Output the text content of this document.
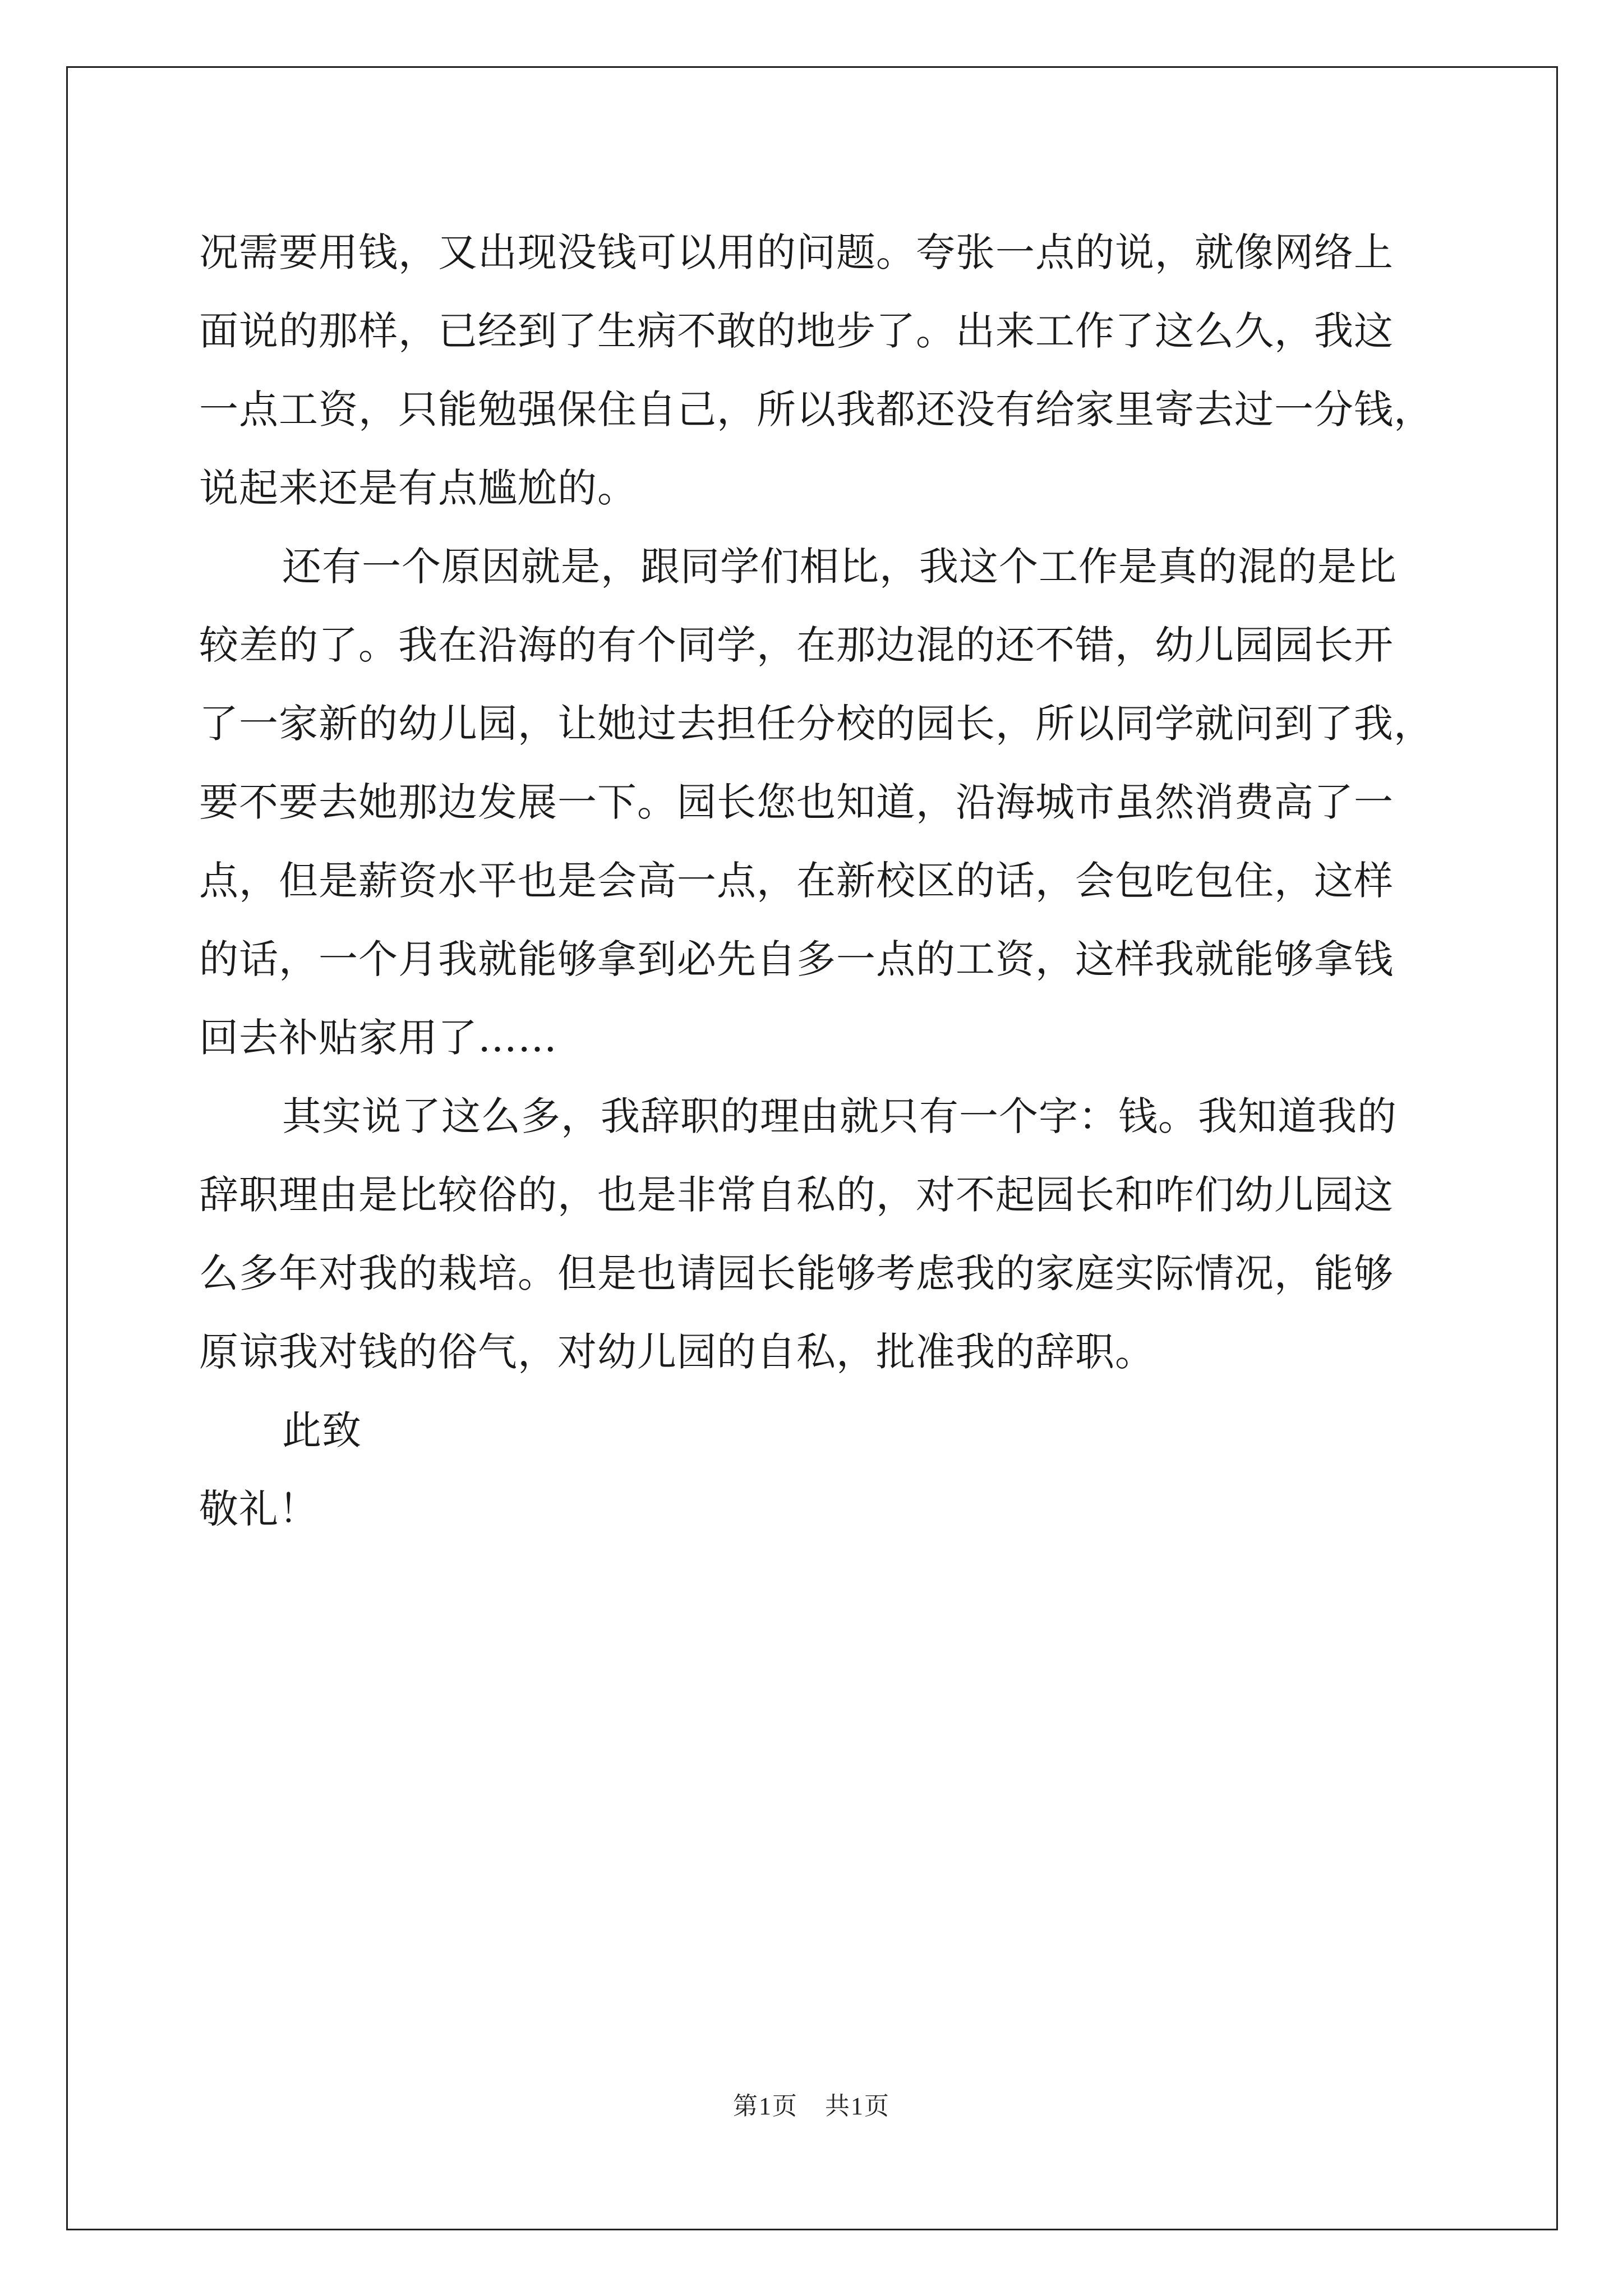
况需要用钱，又出现没钱可以用的问题。夸张一点的说，就像网络上
面说的那样，已经到了生病不敢的地步了。出来工作了这么久，我这
一点工资，只能勉强保住自己，所以我都还没有给家里寄去过一分钱，
说起来还是有点尴尬的。
还有一个原因就是，跟同学们相比，我这个工作是真的混的是比
较差的了。我在沿海的有个同学，在那边混的还不错，幼儿园园长开
了一家新的幼儿园，让她过去担任分校的园长，所以同学就问到了我，
要不要去她那边发展一下。园长您也知道，沿海城市虽然消费高了一
点，但是薪资水平也是会高一点，在新校区的话，会包吃包住，这样
的话，一个月我就能够拿到必先自多一点的工资，这样我就能够拿钱
回去补贴家用了……
其实说了这么多，我辞职的理由就只有一个字：钱。我知道我的
辞职理由是比较俗的，也是非常自私的，对不起园长和咋们幼儿园这
么多年对我的栽培。但是也请园长能够考虑我的家庭实际情况，能够
原谅我对钱的俗气，对幼儿园的自私，批准我的辞职。
此致
敬礼！
第1页 共1页
